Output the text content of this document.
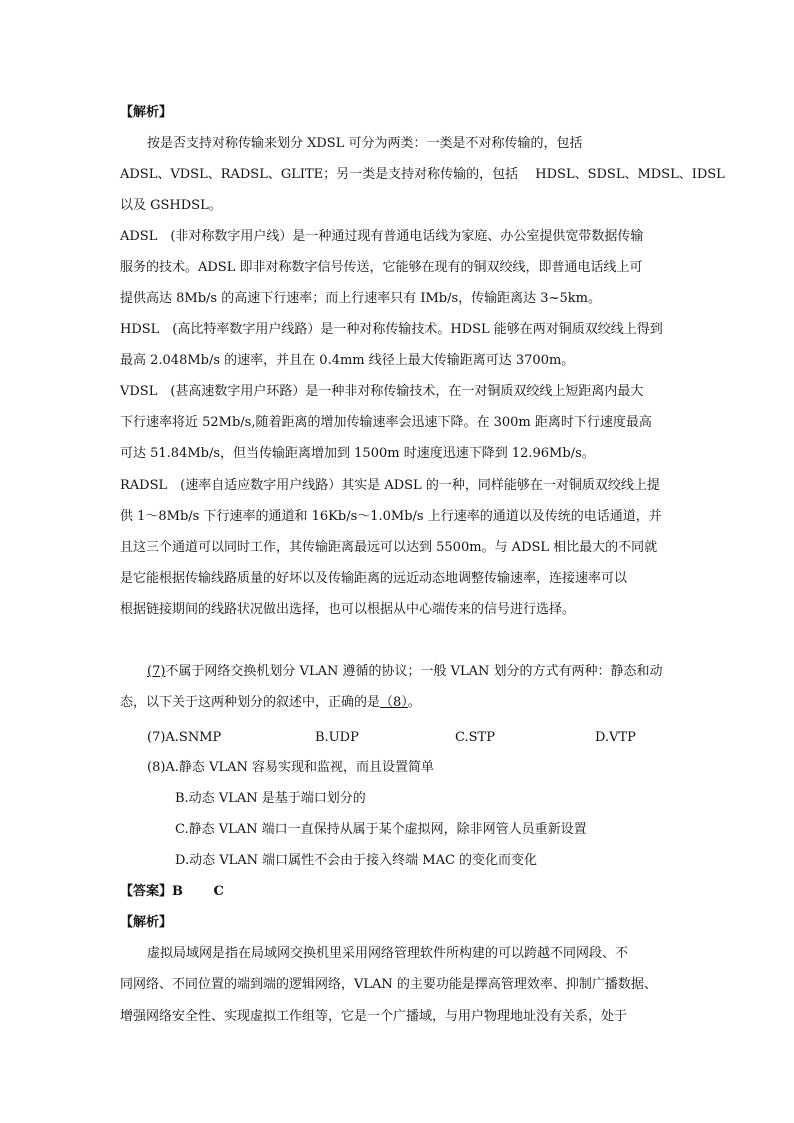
【解析】
按是否支持对称传输来划分 XDSL 可分为两类：一类是不对称传输的，包括
ADSL、VDSL、RADSL、GLITE；另一类是支持对称传输的，包括　 HDSL、SDSL、MDSL、IDSL
以及 GSHDSL。
ADSL　(非对称数字用户线）是一种通过现有普通电话线为家庭、办公室提供宽带数据传输
服务的技术。ADSL 即非对称数字信号传送，它能够在现有的铜双绞线，即普通电话线上可
提供高达 8Mb/s 的高速下行速率；而上行速率只有 IMb/s，传输距离达 3~5km。
HDSL　(高比特率数字用户线路）是一种对称传输技术。HDSL 能够在两对铜质双绞线上得到
最高 2.048Mb/s 的速率，并且在 0.4mm 线径上最大传输距离可达 3700m。
VDSL　(甚高速数字用户环路）是一种非对称传输技术，在一对铜质双绞线上短距离内最大
下行速率将近 52Mb/s,随着距离的增加传输速率会迅速下降。在 300m 距离时下行速度最高
可达 51.84Mb/s，但当传输距离增加到 1500m 时速度迅速下降到 12.96Mb/s。
RADSL　(速率自适应数字用户线路）其实是 ADSL 的一种，同样能够在一对铜质双绞线上提
供 1～8Mb/s 下行速率的通道和 16Kb/s～1.0Mb/s 上行速率的通道以及传统的电话通道，并
且这三个通道可以同时工作，其传输距离最远可以达到 5500m。与 ADSL 相比最大的不同就
是它能根据传输线路质量的好坏以及传输距离的远近动态地调整传输速率，连接速率可以
根据链接期间的线路状况做出选择，也可以根据从中心端传来的信号进行选择。
(7)不属于网络交换机划分 VLAN 遵循的协议；一般 VLAN 划分的方式有两种：静态和动
态，以下关于这两种划分的叙述中，正确的是（8）。
(7)A.SNMP	B.UDP	C.STP	D.VTP
(8)A.静态 VLAN 容易实现和监视，而且设置简单
B.动态 VLAN 是基于端口划分的
C.静态 VLAN 端口一直保持从属于某个虚拟网，除非网管人员重新设置
D.动态 VLAN 端口属性不会由于接入终端 MAC 的变化而变化
【答案】B　 　C
【解析】
虚拟局域网是指在局域网交换机里采用网络管理软件所构建的可以跨越不同网段、不
同网络、不同位置的端到端的逻辑网络，VLAN 的主要功能是擇高管理效率、抑制广播数据、
增强网络安全性、实现虚拟工作组等，它是一个广播域，与用户物理地址没有关系，处于
